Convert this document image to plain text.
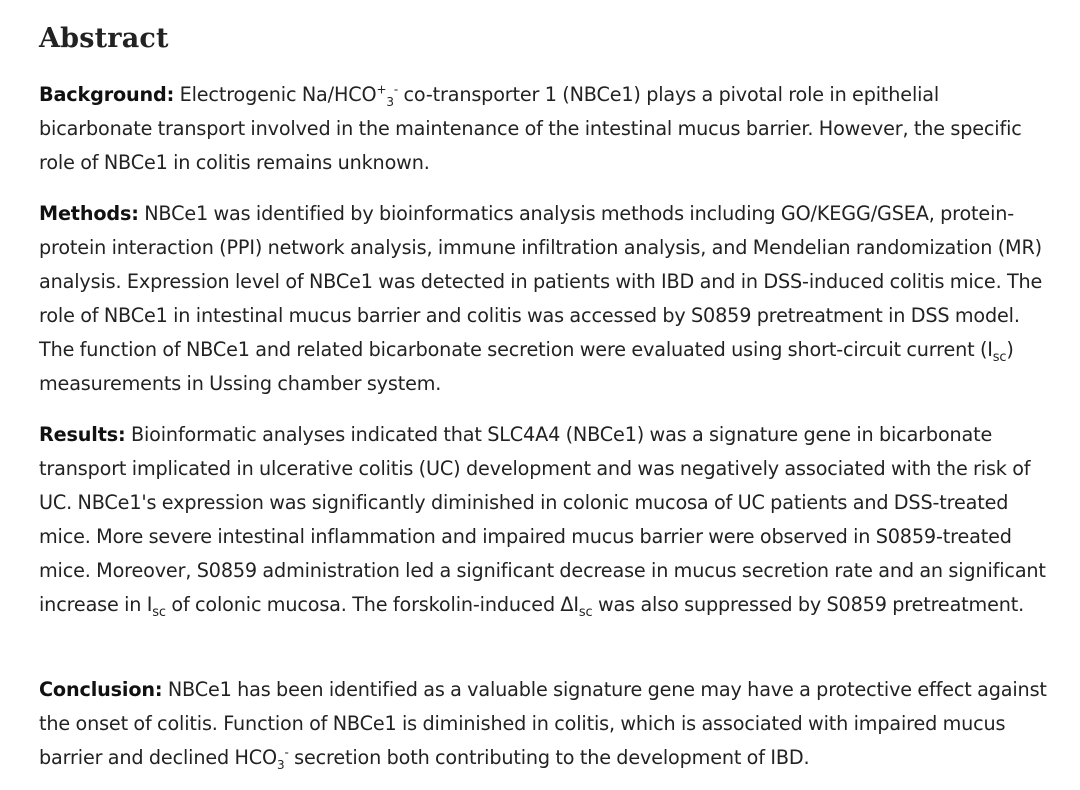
Abstract

Background: Electrogenic $Na/HCO^+_3^-$ co-transporter 1 (NBCe1) plays a pivotal role in epithelial bicarbonate transport involved in the maintenance of the intestinal mucus barrier. However, the specific role of NBCe1 in colitis remains unknown.

Methods: NBCe1 was identified by bioinformatics analysis methods including GO/KEGG/GSEA, protein-protein interaction (PPI) network analysis, immune infiltration analysis, and Mendelian randomization (MR) analysis. Expression level of NBCe1 was detected in patients with IBD and in DSS-induced colitis mice. The role of NBCe1 in intestinal mucus barrier and colitis was accessed by S0859 pretreatment in DSS model. The function of NBCe1 and related bicarbonate secretion were evaluated using short-circuit current $(I_{sc})$ measurements in Ussing chamber system.

Results: Bioinformatic analyses indicated that SLC4A4 (NBCe1) was a signature gene in bicarbonate transport implicated in ulcerative colitis (UC) development and was negatively associated with the risk of UC. NBCe1's expression was significantly diminished in colonic mucosa of UC patients and DSS-treated mice. More severe intestinal inflammation and impaired mucus barrier were observed in S0859-treated mice. Moreover, S0859 administration led a significant decrease in mucus secretion rate and an significant increase in $I_{sc}$ of colonic mucosa. The forskolin-induced $\Delta I_{sc}$ was also suppressed by S0859 pretreatment.

Conclusion: NBCe1 has been identified as a valuable signature gene may have a protective effect against the onset of colitis. Function of NBCe1 is diminished in colitis, which is associated with impaired mucus barrier and declined $HCO_3^-$ secretion both contributing to the development of IBD.
